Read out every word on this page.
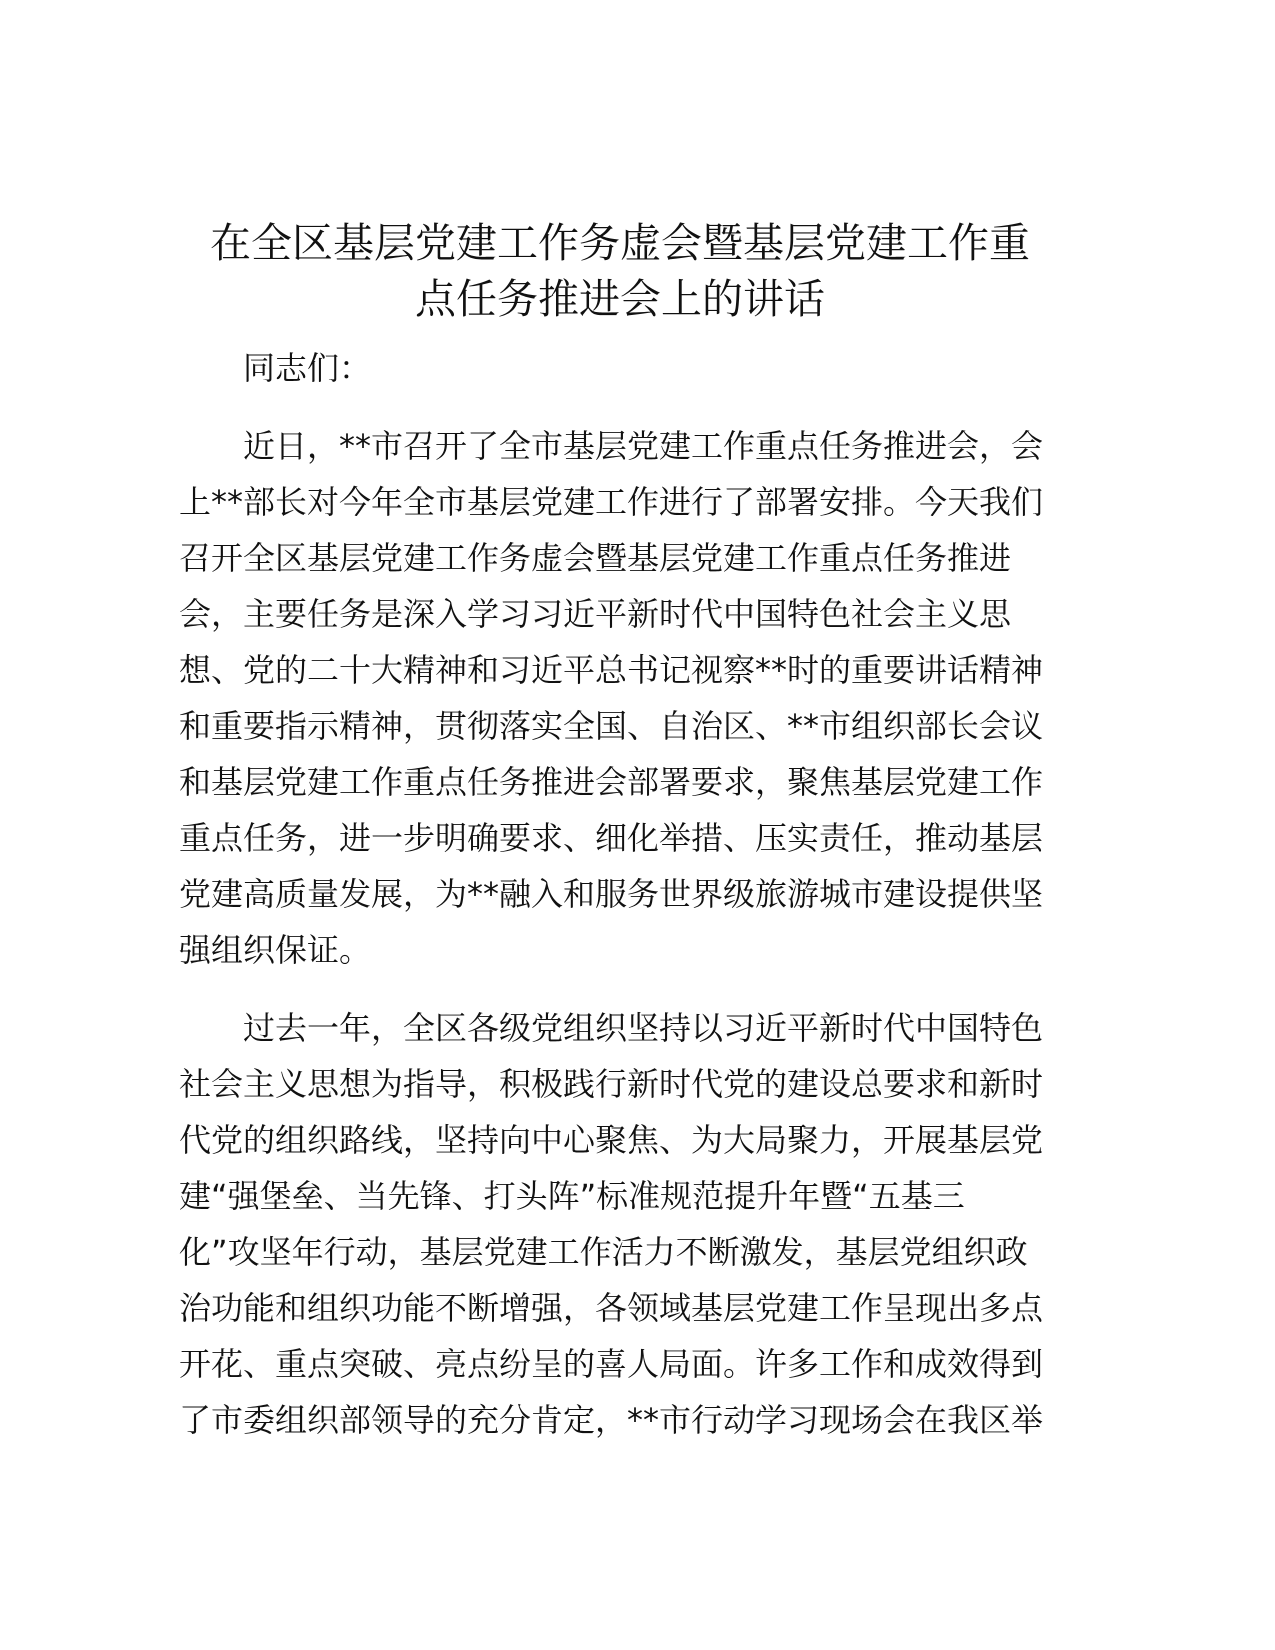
在全区基层党建工作务虚会暨基层党建工作重
点任务推进会上的讲话

同志们：

近日，**市召开了全市基层党建工作重点任务推进会，会
上**部长对今年全市基层党建工作进行了部署安排。今天我们
召开全区基层党建工作务虚会暨基层党建工作重点任务推进
会，主要任务是深入学习习近平新时代中国特色社会主义思
想、党的二十大精神和习近平总书记视察**时的重要讲话精神
和重要指示精神，贯彻落实全国、自治区、**市组织部长会议
和基层党建工作重点任务推进会部署要求，聚焦基层党建工作
重点任务，进一步明确要求、细化举措、压实责任，推动基层
党建高质量发展，为**融入和服务世界级旅游城市建设提供坚
强组织保证。

过去一年，全区各级党组织坚持以习近平新时代中国特色
社会主义思想为指导，积极践行新时代党的建设总要求和新时
代党的组织路线，坚持向中心聚焦、为大局聚力，开展基层党
建“强堡垒、当先锋、打头阵”标准规范提升年暨“五基三
化”攻坚年行动，基层党建工作活力不断激发，基层党组织政
治功能和组织功能不断增强，各领域基层党建工作呈现出多点
开花、重点突破、亮点纷呈的喜人局面。许多工作和成效得到
了市委组织部领导的充分肯定，**市行动学习现场会在我区举
